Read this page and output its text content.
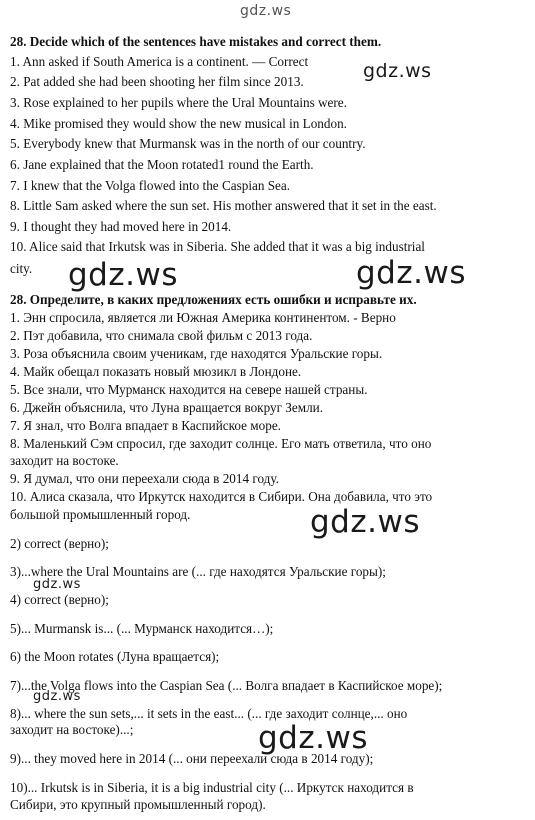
gdz.ws
gdz.ws
gdz.ws	gdz.ws
gdz.ws
gdz.ws
gdz.ws
gdz.ws
28. Decide which of the sentences have mistakes and correct them.
1. Ann asked if South America is a continent. — Correct
2. Pat added she had been shooting her film since 2013.
3. Rose explained to her pupils where the Ural Mountains were.
4. Mike promised they would show the new musical in London.
5. Everybody knew that Murmansk was in the north of our country.
6. Jane explained that the Moon rotated1 round the Earth.
7. I knew that the Volga flowed into the Caspian Sea.
8. Little Sam asked where the sun set. His mother answered that it set in the east.
9. I thought they had moved here in 2014.
10. Alice said that Irkutsk was in Siberia. She added that it was a big industrial
city.
28. Определите, в каких предложениях есть ошибки и исправьте их.
1. Энн спросила, является ли Южная Америка континентом. - Верно
2. Пэт добавила, что снимала свой фильм с 2013 года.
3. Роза объяснила своим ученикам, где находятся Уральские горы.
4. Майк обещал показать новый мюзикл в Лондоне.
5. Все знали, что Мурманск находится на севере нашей страны.
6. Джейн объяснила, что Луна вращается вокруг Земли.
7. Я знал, что Волга впадает в Каспийское море.
8. Маленький Сэм спросил, где заходит солнце. Его мать ответила, что оно
заходит на востоке.
9. Я думал, что они переехали сюда в 2014 году.
10. Алиса сказала, что Иркутск находится в Сибири. Она добавила, что это
большой промышленный город.
2) correct (верно);
3)...where the Ural Mountains are (... где находятся Уральские горы);
4) correct (верно);
5)... Murmansk is... (... Мурманск находится…);
6) the Moon rotates (Луна вращается);
7)...the Volga flows into the Caspian Sea (... Волга впадает в Каспийское море);
8)... where the sun sets,... it sets in the east... (... где заходит солнце,... оно
заходит на востоке)...;
9)... they moved here in 2014 (... они переехали сюда в 2014 году);
10)... Irkutsk is in Siberia, it is a big industrial city (... Иркутск находится в
Сибири, это крупный промышленный город).
